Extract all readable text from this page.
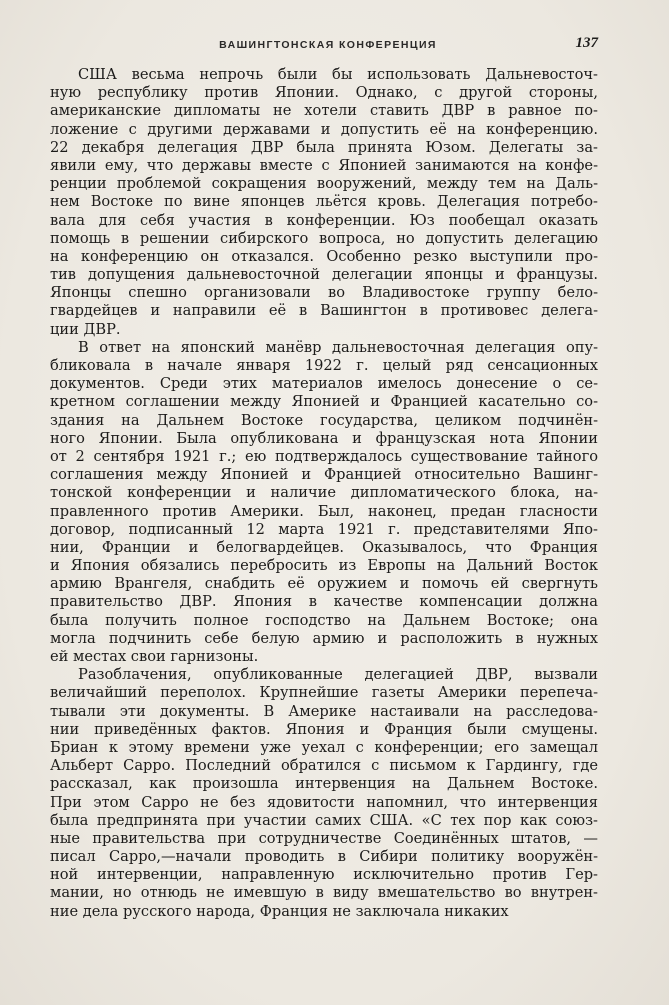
ВАШИНГТОНСКАЯ КОНФЕРЕНЦИЯ	137
США весьма непрочь были бы использовать Дальневосточ-
ную республику против Японии. Однако, с другой стороны,
американские дипломаты не хотели ставить ДВР в равное по-
ложение с другими державами и допустить её на конференцию.
22 декабря делегация ДВР была принята Юзом. Делегаты за-
явили ему, что державы вместе с Японией занимаются на конфе-
ренции проблемой сокращения вооружений, между тем на Даль-
нем Востоке по вине японцев льётся кровь. Делегация потребо-
вала для себя участия в конференции. Юз пообещал оказать
помощь в решении сибирского вопроса, но допустить делегацию
на конференцию он отказался. Особенно резко выступили про-
тив допущения дальневосточной делегации японцы и французы.
Японцы спешно организовали во Владивостоке группу бело-
гвардейцев и направили её в Вашингтон в противовес делега-
ции ДВР.
В ответ на японский манёвр дальневосточная делегация опу-
бликовала в начале января 1922 г. целый ряд сенсационных
документов. Среди этих материалов имелось донесение о се-
кретном соглашении между Японией и Францией касательно со-
здания на Дальнем Востоке государства, целиком подчинён-
ного Японии. Была опубликована и французская нота Японии
от 2 сентября 1921 г.; ею подтверждалось существование тайного
соглашения между Японией и Францией относительно Вашинг-
тонской конференции и наличие дипломатического блока, на-
правленного против Америки. Был, наконец, предан гласности
договор, подписанный 12 марта 1921 г. представителями Япо-
нии, Франции и белогвардейцев. Оказывалось, что Франция
и Япония обязались перебросить из Европы на Дальний Восток
армию Врангеля, снабдить её оружием и помочь ей свергнуть
правительство ДВР. Япония в качестве компенсации должна
была получить полное господство на Дальнем Востоке; она
могла подчинить себе белую армию и расположить в нужных
ей местах свои гарнизоны.
Разоблачения, опубликованные делегацией ДВР, вызвали
величайший переполох. Крупнейшие газеты Америки перепеча-
тывали эти документы. В Америке настаивали на расследова-
нии приведённых фактов. Япония и Франция были смущены.
Бриан к этому времени уже уехал с конференции; его замещал
Альберт Сарро. Последний обратился с письмом к Гардингу, где
рассказал, как произошла интервенция на Дальнем Востоке.
При этом Сарро не без ядовитости напомнил, что интервенция
была предпринята при участии самих США. «С тех пор как союз-
ные правительства при сотрудничестве Соединённых штатов, —
писал Сарро,—начали проводить в Сибири политику вооружён-
ной интервенции, направленную исключительно против Гер-
мании, но отнюдь не имевшую в виду вмешательство во внутрен-
ние дела русского народа, Франция не заключала никаких
